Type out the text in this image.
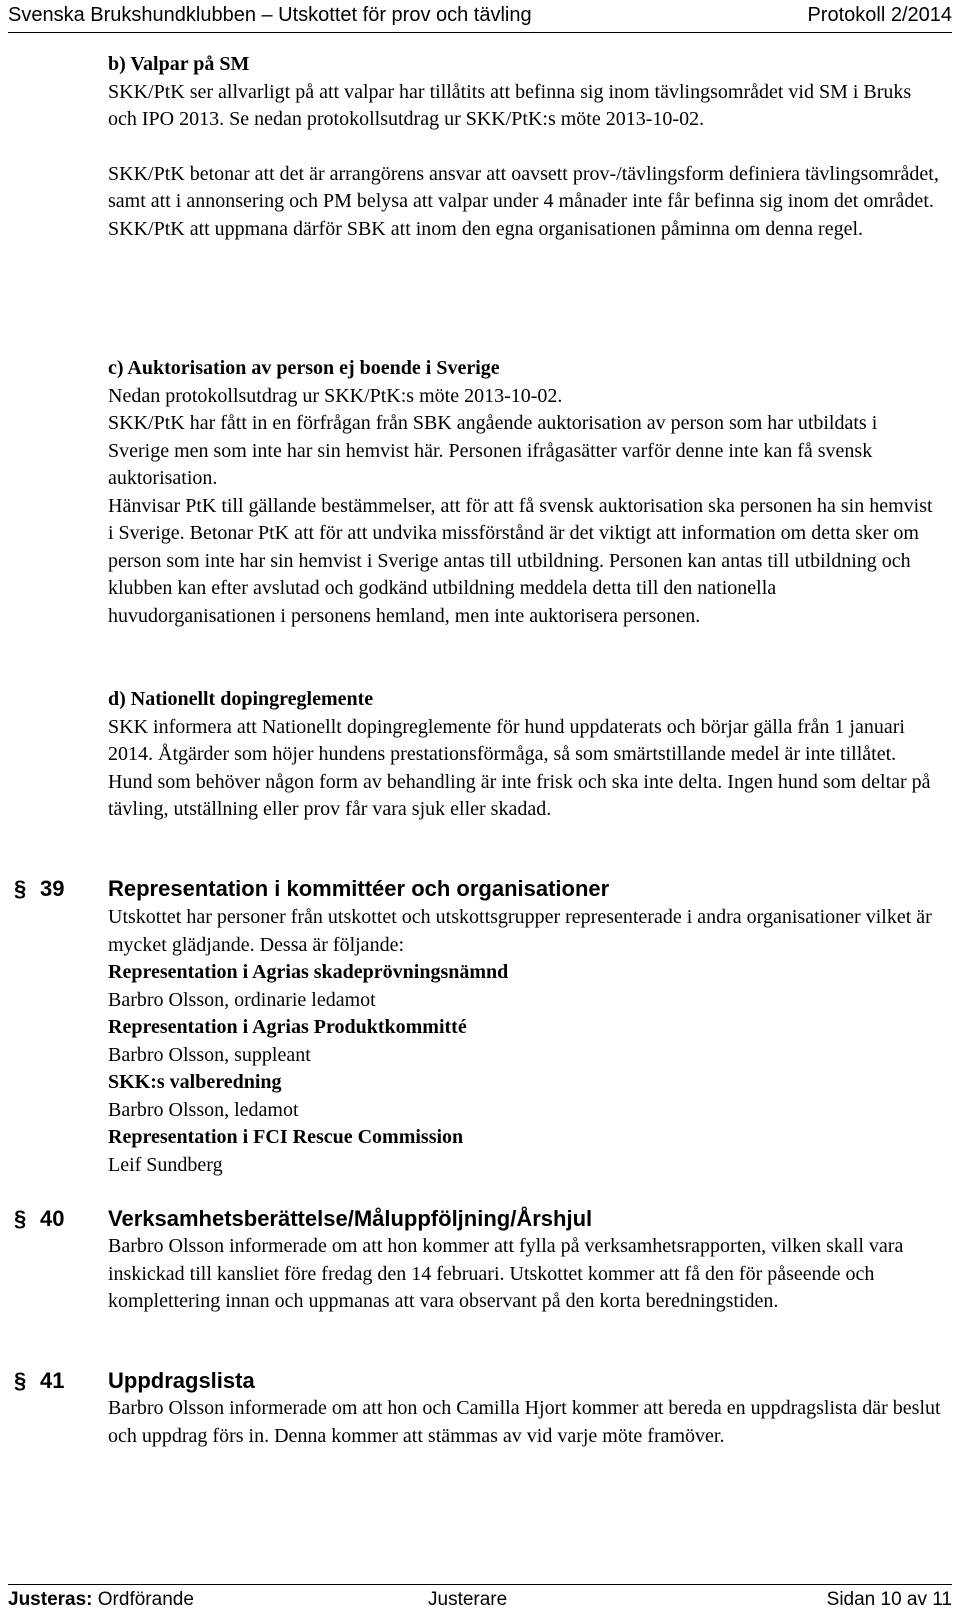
Svenska Brukshundklubben – Utskottet för prov och tävling	Protokoll 2/2014

b) Valpar på SM

SKK/PtK ser allvarligt på att valpar har tillåtits att befinna sig inom tävlingsområdet vid SM i Bruks och IPO 2013. Se nedan protokollsutdrag ur SKK/PtK:s möte 2013-10-02.

SKK/PtK betonar att det är arrangörens ansvar att oavsett prov-/tävlingsform definiera tävlingsområdet, samt att i annonsering och PM belysa att valpar under 4 månader inte får befinna sig inom det området.

SKK/PtK att uppmana därför SBK att inom den egna organisationen påminna om denna regel.

c) Auktorisation av person ej boende i Sverige

Nedan protokollsutdrag ur SKK/PtK:s möte 2013-10-02.

SKK/PtK har fått in en förfrågan från SBK angående auktorisation av person som har utbildats i Sverige men som inte har sin hemvist här. Personen ifrågasätter varför denne inte kan få svensk auktorisation.

Hänvisar PtK till gällande bestämmelser, att för att få svensk auktorisation ska personen ha sin hemvist i Sverige. Betonar PtK att för att undvika missförstånd är det viktigt att information om detta sker om person som inte har sin hemvist i Sverige antas till utbildning. Personen kan antas till utbildning och klubben kan efter avslutad och godkänd utbildning meddela detta till den nationella huvudorganisationen i personens hemland, men inte auktorisera personen.

d) Nationellt dopingreglemente

SKK informera att Nationellt dopingreglemente för hund uppdaterats och börjar gälla från 1 januari 2014. Åtgärder som höjer hundens prestationsförmåga, så som smärtstillande medel är inte tillåtet. Hund som behöver någon form av behandling är inte frisk och ska inte delta. Ingen hund som deltar på tävling, utställning eller prov får vara sjuk eller skadad.

§ 39 Representation i kommittéer och organisationer

Utskottet har personer från utskottet och utskottsgrupper representerade i andra organisationer vilket är mycket glädjande. Dessa är följande:

Representation i Agrias skadeprövningsnämnd

Barbro Olsson, ordinarie ledamot

Representation i Agrias Produktkommitté

Barbro Olsson, suppleant

SKK:s valberedning

Barbro Olsson, ledamot

Representation i FCI Rescue Commission

Leif Sundberg

§ 40 Verksamhetsberättelse/Måluppföljning/Årshjul

Barbro Olsson informerade om att hon kommer att fylla på verksamhetsrapporten, vilken skall vara inskickad till kansliet före fredag den 14 februari. Utskottet kommer att få den för påseende och komplettering innan och uppmanas att vara observant på den korta beredningstiden.

§ 41 Uppdragslista

Barbro Olsson informerade om att hon och Camilla Hjort kommer att bereda en uppdragslista där beslut och uppdrag förs in. Denna kommer att stämmas av vid varje möte framöver.

Justeras: Ordförande	Justerare	Sidan 10 av 11
